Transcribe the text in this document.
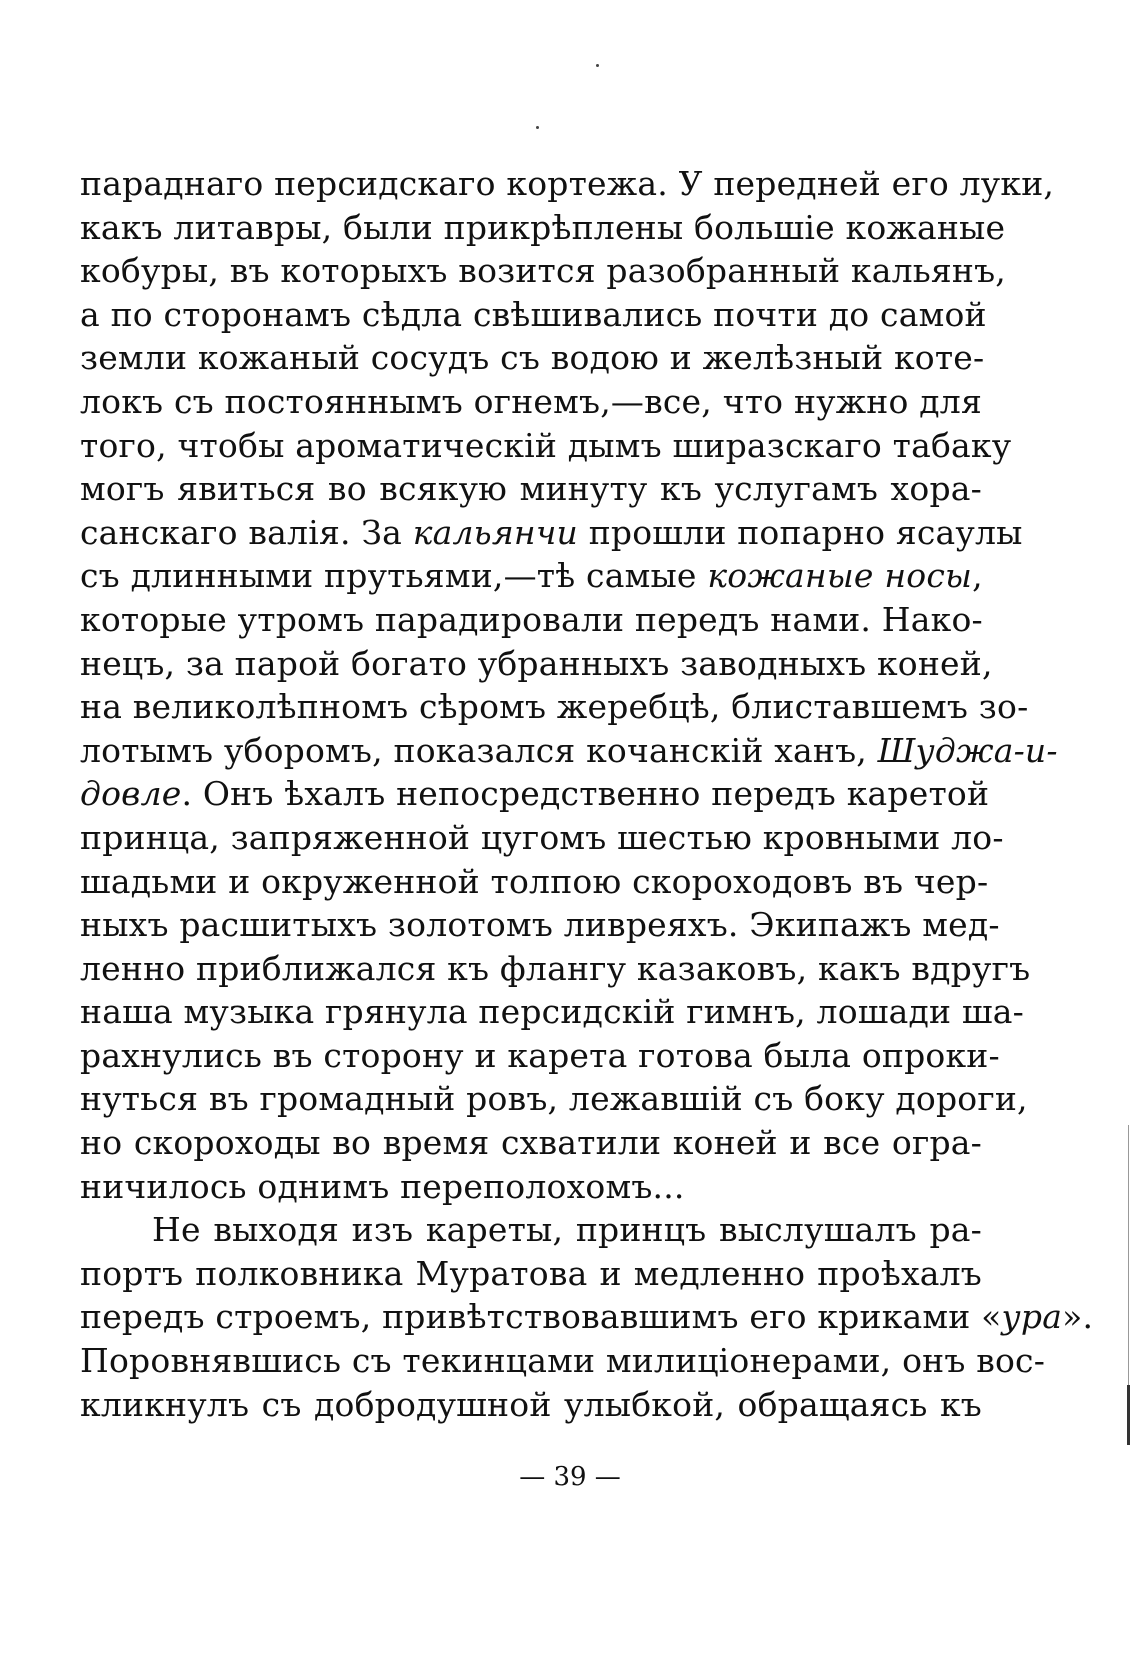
параднаго персидскаго кортежа. У передней его луки,
какъ литавры, были прикрѣплены большіе кожаные
кобуры, въ которыхъ возится разобранный кальянъ,
а по сторонамъ сѣдла свѣшивались почти до самой
земли кожаный сосудъ съ водою и желѣзный коте-
локъ съ постояннымъ огнемъ,—все, что нужно для
того, чтобы ароматическій дымъ ширазскаго табаку
могъ явиться во всякую минуту къ услугамъ хора-
санскаго валія. За кальянчи прошли попарно ясаулы
съ длинными прутьями,—тѣ самые кожаные носы,
которые утромъ парадировали передъ нами. Нако-
нецъ, за парой богато убранныхъ заводныхъ коней,
на великолѣпномъ сѣромъ жеребцѣ, блиставшемъ зо-
лотымъ уборомъ, показался кочанскій ханъ, Шуджа-и-
довле. Онъ ѣхалъ непосредственно передъ каретой
принца, запряженной цугомъ шестью кровными ло-
шадьми и окруженной толпою скороходовъ въ чер-
ныхъ расшитыхъ золотомъ ливреяхъ. Экипажъ мед-
ленно приближался къ флангу казаковъ, какъ вдругъ
наша музыка грянула персидскій гимнъ, лошади ша-
рахнулись въ сторону и карета готова была опроки-
нуться въ громадный ровъ, лежавшій съ боку дороги,
но скороходы во время схватили коней и все огра-
ничилось однимъ переполохомъ...
Не выходя изъ кареты, принцъ выслушалъ ра-
портъ полковника Муратова и медленно проѣхалъ
передъ строемъ, привѣтствовавшимъ его криками «ура».
Поровнявшись съ текинцами милиціонерами, онъ вос-
кликнулъ съ добродушной улыбкой, обращаясь къ
— 39 —
